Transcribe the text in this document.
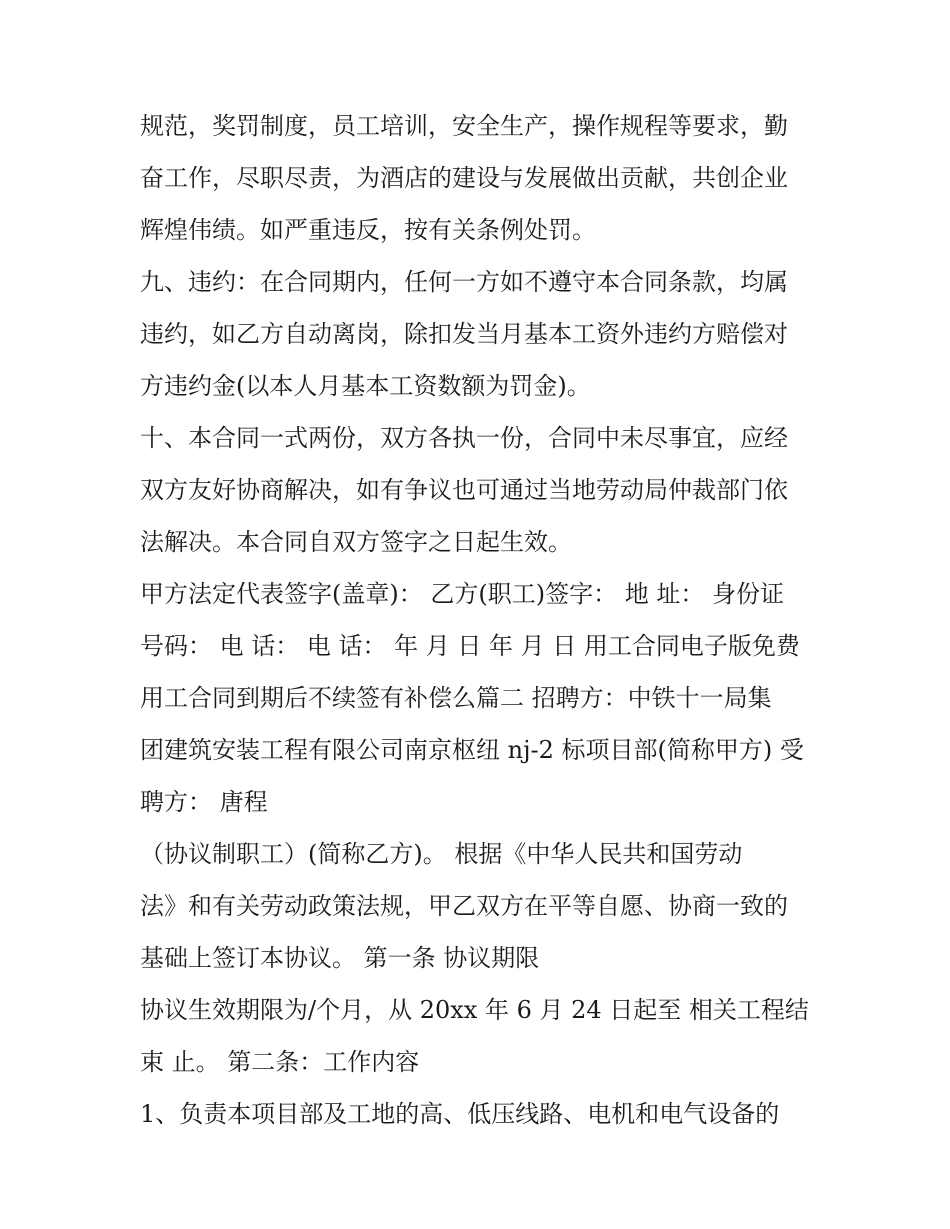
规范，奖罚制度，员工培训，安全生产，操作规程等要求，勤
奋工作，尽职尽责，为酒店的建设与发展做出贡献，共创企业
辉煌伟绩。如严重违反，按有关条例处罚。
九、违约：在合同期内，任何一方如不遵守本合同条款，均属
违约，如乙方自动离岗，除扣发当月基本工资外违约方赔偿对
方违约金(以本人月基本工资数额为罚金)。
十、本合同一式两份，双方各执一份，合同中未尽事宜，应经
双方友好协商解决，如有争议也可通过当地劳动局仲裁部门依
法解决。本合同自双方签字之日起生效。
甲方法定代表签字(盖章)： 乙方(职工)签字： 地 址： 身份证
号码： 电 话： 电 话： 年 月 日 年 月 日 用工合同电子版免费
用工合同到期后不续签有补偿么篇二 招聘方：中铁十一局集
团建筑安装工程有限公司南京枢纽 nj-2 标项目部(简称甲方) 受
聘方： 唐程
（协议制职工）(简称乙方)。 根据《中华人民共和国劳动
法》和有关劳动政策法规，甲乙双方在平等自愿、协商一致的
基础上签订本协议。 第一条 协议期限
协议生效期限为/个月，从 20xx 年 6 月 24 日起至 相关工程结
束 止。 第二条：工作内容
1、负责本项目部及工地的高、低压线路、电机和电气设备的
